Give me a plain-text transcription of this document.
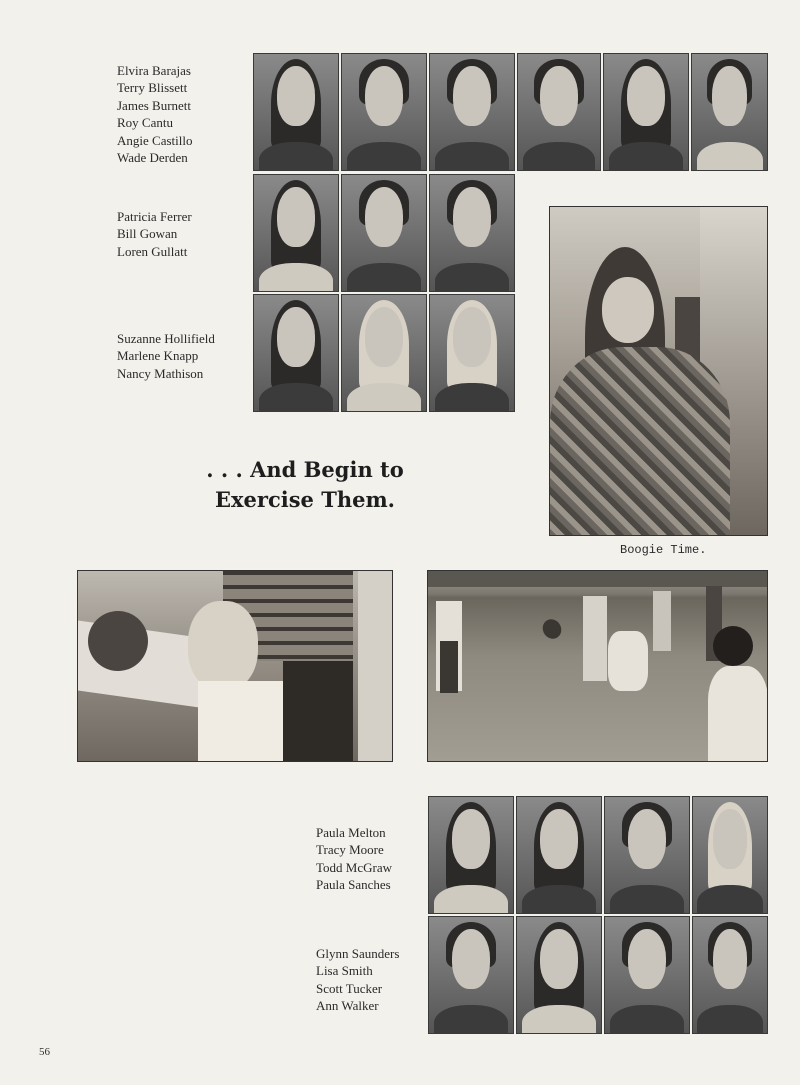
Elvira Barajas
Terry Blissett
James Burnett
Roy Cantu
Angie Castillo
Wade Derden
Patricia Ferrer
Bill Gowan
Loren Gullatt
Suzanne Hollifield
Marlene Knapp
Nancy Mathison
Boogie Time.
. . . And Begin to
Exercise Them.
Paula Melton
Tracy Moore
Todd McGraw
Paula Sanches
Glynn Saunders
Lisa Smith
Scott Tucker
Ann Walker
56
